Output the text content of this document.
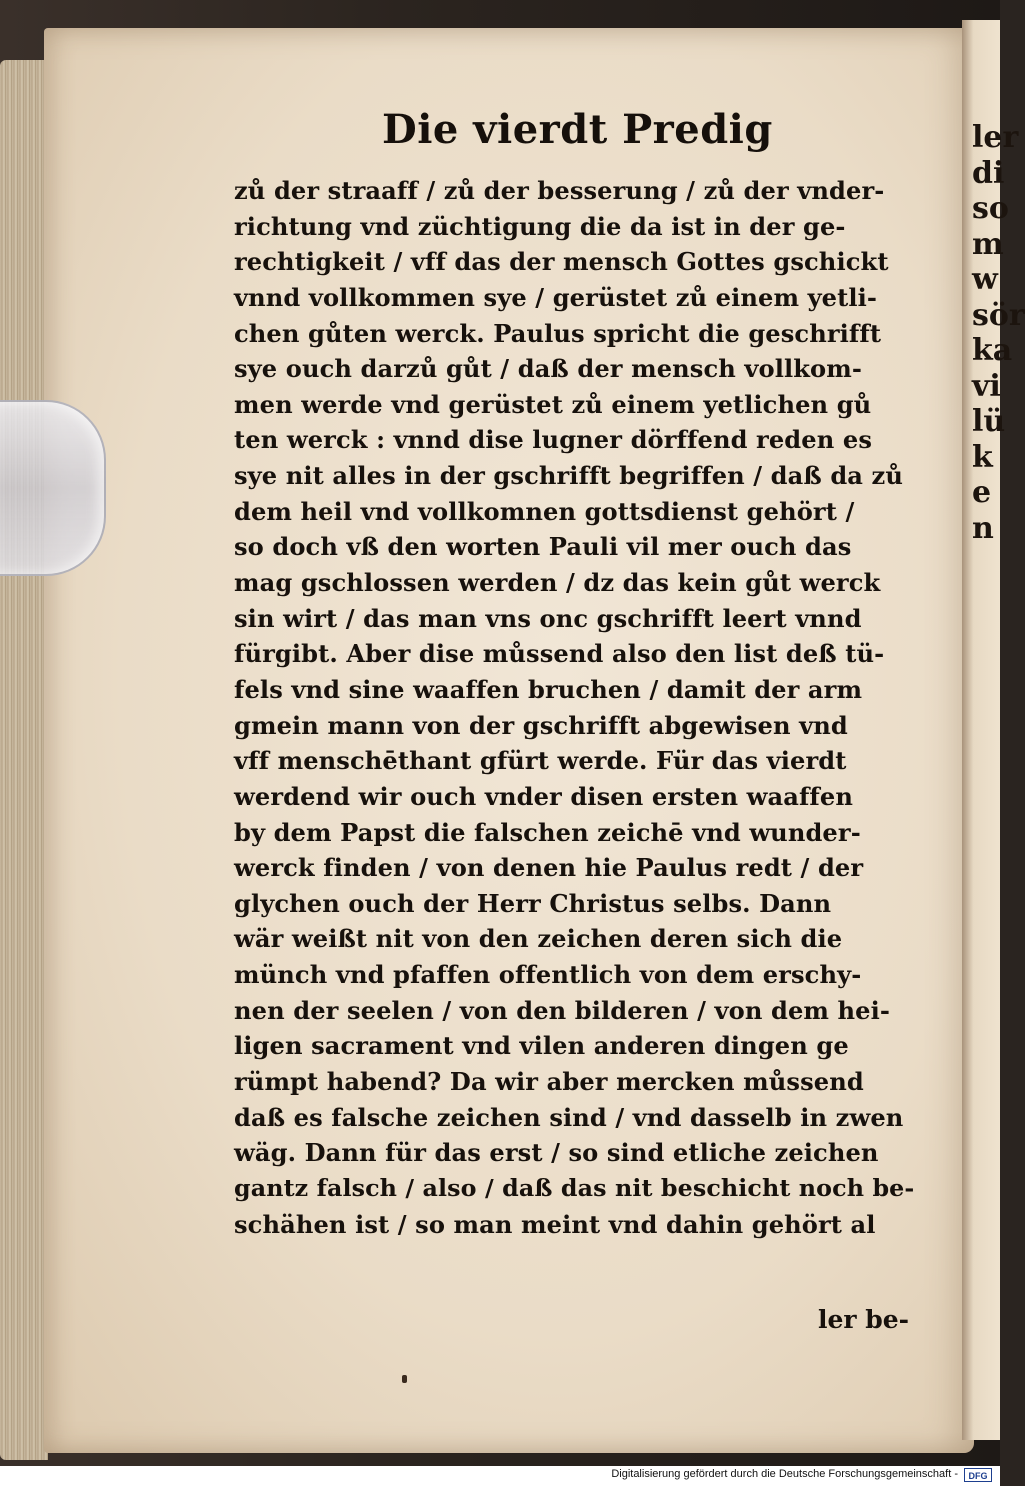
ler
di
so
m
w
sör
ka
vi
lü
k
e
n
Die vierdt Predig
zů der straaff / zů der besserung / zů der vnder-
richtung vnd züchtigung die da ist in der ge-
rechtigkeit / vff das der mensch Gottes gschickt
vnnd vollkommen sye / gerüstet zů einem yetli-
chen gůten werck. Paulus spricht die geschrifft
sye ouch darzů gůt / daß der mensch vollkom-
men werde vnd gerüstet zů einem yetlichen gů
ten werck : vnnd dise lugner dörffend reden es
sye nit alles in der gschrifft begriffen / daß da zů
dem heil vnd vollkomnen gottsdienst gehört /
so doch vß den worten Pauli vil mer ouch das
mag gschlossen werden / dz das kein gůt werck
sin wirt / das man vns onc gschrifft leert vnnd
fürgibt. Aber dise můssend also den list deß tü-
fels vnd sine waaffen bruchen / damit der arm
gmein mann von der gschrifft abgewisen vnd
vff menschēthant gfürt werde. Für das vierdt
werdend wir ouch vnder disen ersten waaffen
by dem Papst die falschen zeichē vnd wunder-
werck finden / von denen hie Paulus redt / der
glychen ouch der Herr Christus selbs. Dann
wär weißt nit von den zeichen deren sich die
münch vnd pfaffen offentlich von dem erschy-
nen der seelen / von den bilderen / von dem hei-
ligen sacrament vnd vilen anderen dingen ge
rümpt habend? Da wir aber mercken můssend
daß es falsche zeichen sind / vnd dasselb in zwen
wäg. Dann für das erst / so sind etliche zeichen
gantz falsch / also / daß das nit beschicht noch be-
schähen ist / so man meint vnd dahin gehört al
ler be-
Digitalisierung gefördert durch die Deutsche Forschungsgemeinschaft -	DFG
